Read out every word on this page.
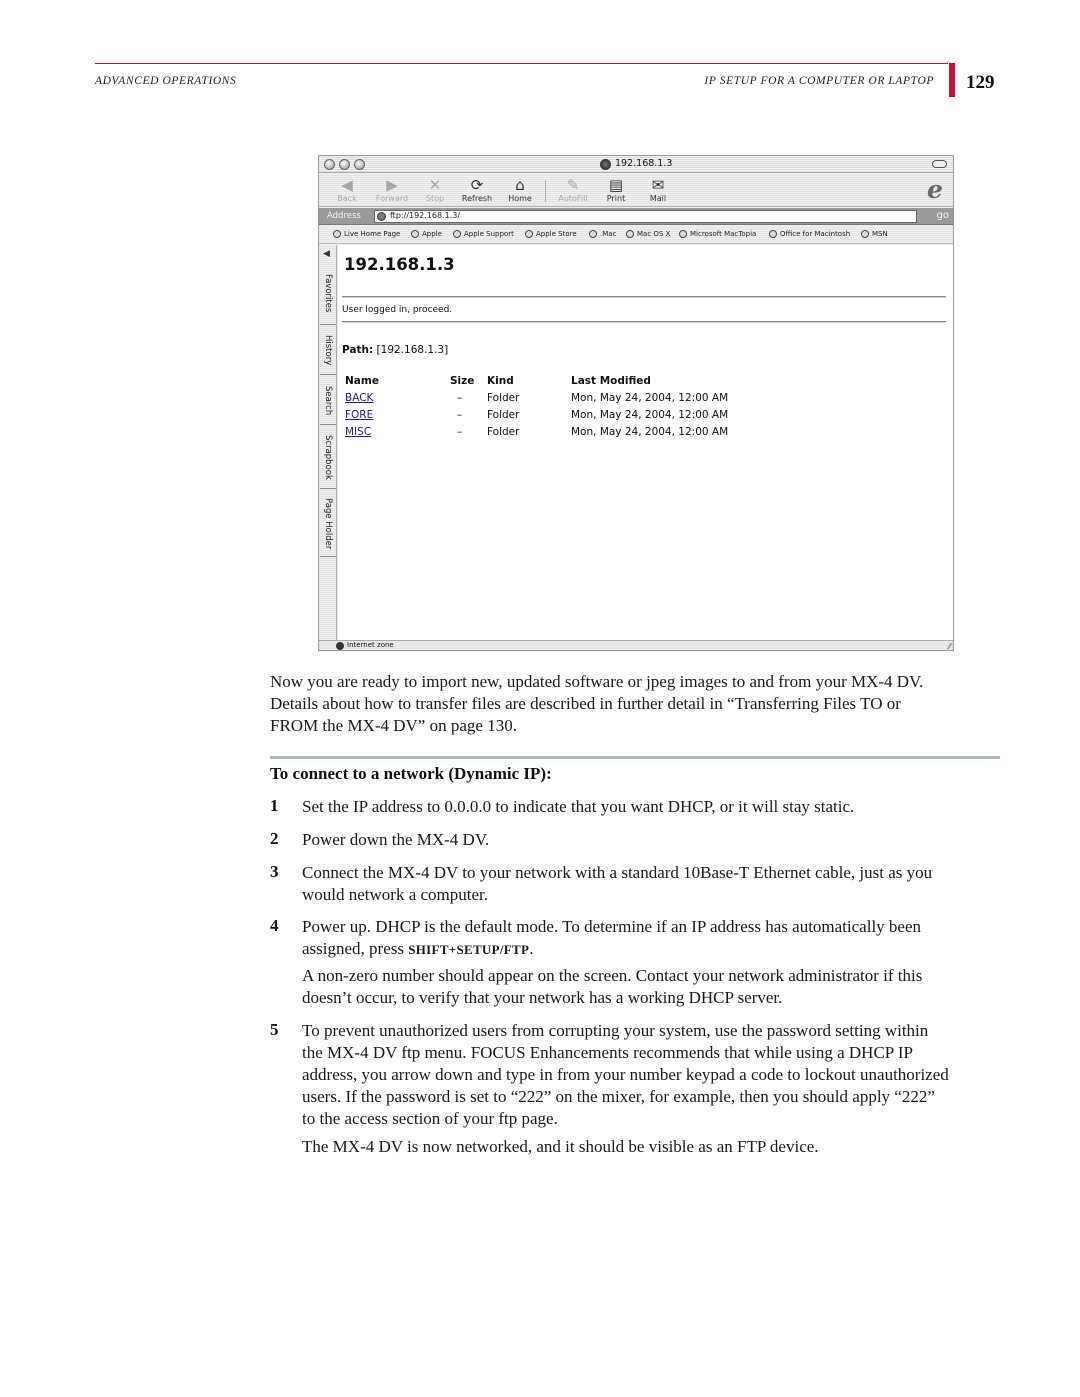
ADVANCED OPERATIONS	IP SETUP FOR A COMPUTER OR LAPTOP 129
192.168.1.3
◀
Back
▶
Forward
✕
Stop
⟳
Refresh
⌂
Home
✎
AutoFill
▤
Print
✉
Mail	e
Address	ftp://192.168.1.3/	go
Live Home Page	Apple	Apple Support	Apple Store	.Mac	Mac OS X	Microsoft MacTopia	Office for Macintosh	MSN
◀
Favorites
History
Search
Scrapbook
Page Holder
192.168.1.3
User logged in, proceed.
Path: [192.168.1.3]
Name	Size Kind	Last Modified
BACK	– Folder	Mon, May 24, 2004, 12:00 AM
FORE	– Folder	Mon, May 24, 2004, 12:00 AM
MISC	– Folder	Mon, May 24, 2004, 12:00 AM
Internet zone	⁄⁄
Now you are ready to import new, updated software or jpeg images to and from your MX-4 DV.
Details about how to transfer files are described in further detail in “Transferring Files TO or
FROM the MX-4 DV” on page 130.
To connect to a network (Dynamic IP):
1 Set the IP address to 0.0.0.0 to indicate that you want DHCP, or it will stay static.
2 Power down the MX-4 DV.
3 Connect the MX-4 DV to your network with a standard 10Base-T Ethernet cable, just as you
would network a computer.
4 Power up. DHCP is the default mode. To determine if an IP address has automatically been
assigned, press SHIFT+SETUP/FTP.
A non-zero number should appear on the screen. Contact your network administrator if this
doesn’t occur, to verify that your network has a working DHCP server.
5 To prevent unauthorized users from corrupting your system, use the password setting within
the MX-4 DV ftp menu. FOCUS Enhancements recommends that while using a DHCP IP
address, you arrow down and type in from your number keypad a code to lockout unauthorized
users. If the password is set to “222” on the mixer, for example, then you should apply “222”
to the access section of your ftp page.
The MX-4 DV is now networked, and it should be visible as an FTP device.
